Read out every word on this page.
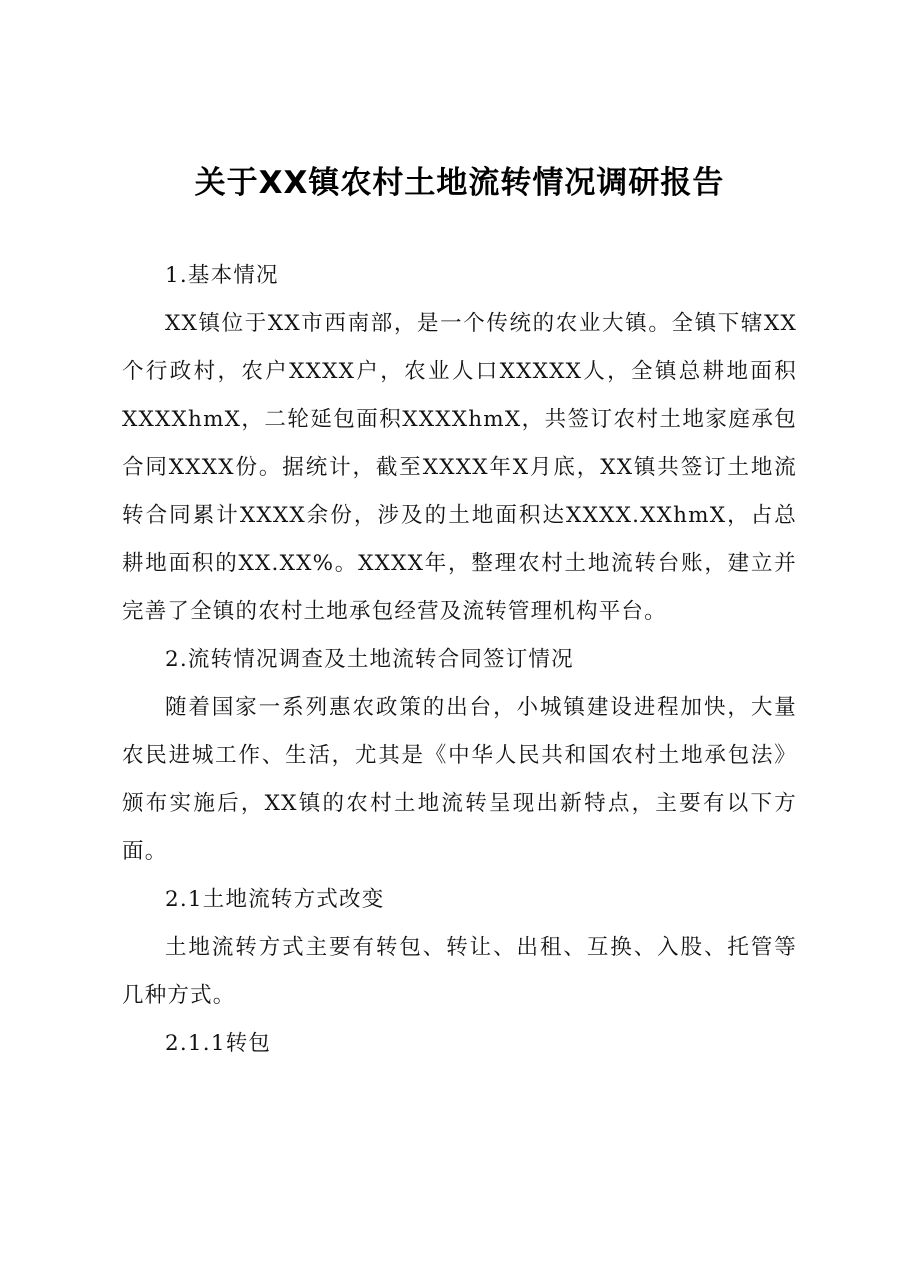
关于XX镇农村土地流转情况调研报告
1.基本情况

XX镇位于XX市西南部，是一个传统的农业大镇。全镇下辖XX个行政村，农户XXXX户，农业人口XXXXX人，全镇总耕地面积XXXXhmX，二轮延包面积XXXXhmX，共签订农村土地家庭承包合同XXXX份。据统计，截至XXXX年X月底，XX镇共签订土地流转合同累计XXXX余份，涉及的土地面积达XXXX.XXhmX，占总耕地面积的XX.XX%。XXXX年，整理农村土地流转台账，建立并完善了全镇的农村土地承包经营及流转管理机构平台。

2.流转情况调查及土地流转合同签订情况

随着国家一系列惠农政策的出台，小城镇建设进程加快，大量农民进城工作、生活，尤其是《中华人民共和国农村土地承包法》颁布实施后，XX镇的农村土地流转呈现出新特点，主要有以下方面。

2.1土地流转方式改变

土地流转方式主要有转包、转让、出租、互换、入股、托管等几种方式。

2.1.1转包
